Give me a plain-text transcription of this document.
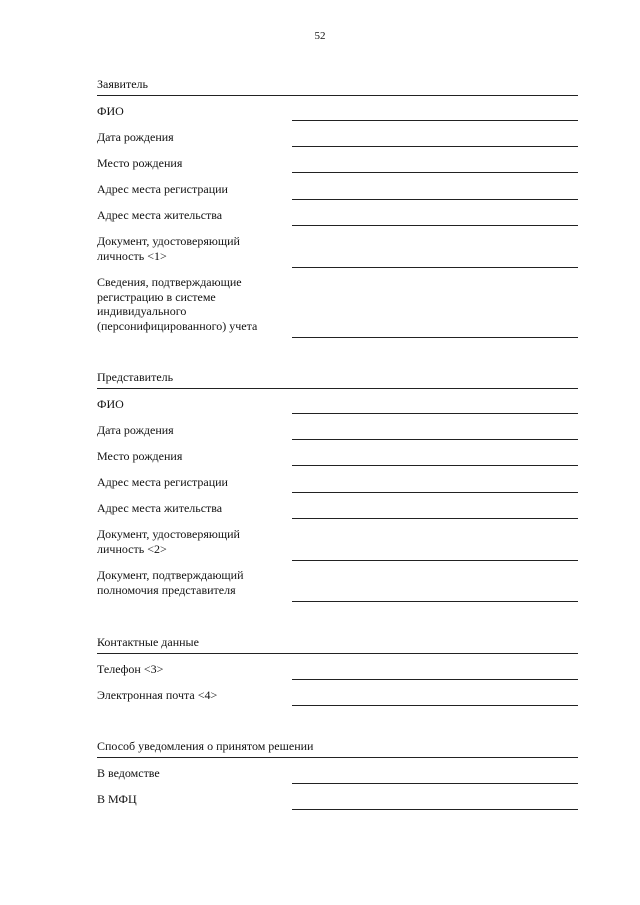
52
Заявитель
ФИО
Дата рождения
Место рождения
Адрес места регистрации
Адрес места жительства
Документ, удостоверяющий
личность <1>
Сведения, подтверждающие
регистрацию в системе
индивидуального
(персонифицированного) учета
Представитель
ФИО
Дата рождения
Место рождения
Адрес места регистрации
Адрес места жительства
Документ, удостоверяющий
личность <2>
Документ, подтверждающий
полномочия представителя
Контактные данные
Телефон <3>
Электронная почта <4>
Способ уведомления о принятом решении
В ведомстве
В МФЦ
